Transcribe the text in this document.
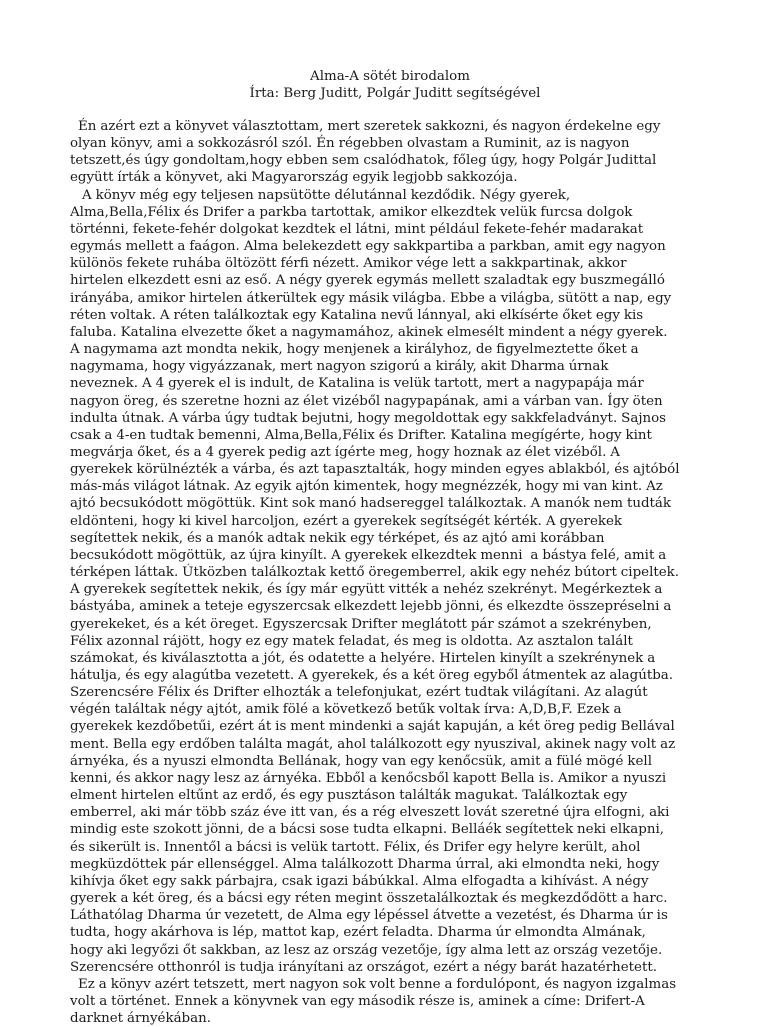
Alma-A sötét birodalom
Írta: Berg Juditt, Polgár Juditt segítségével

Én azért ezt a könyvet választottam, mert szeretek sakkozni, és nagyon érdekelne egy olyan könyv, ami a sokkozásról szól. Én régebben olvastam a Ruminit, az is nagyon tetszett,és úgy gondoltam,hogy ebben sem csalódhatok, főleg úgy, hogy Polgár Judittal együtt írták a könyvet, aki Magyarország egyik legjobb sakkozója.

A könyv még egy teljesen napsütötte délutánnal kezdődik. Négy gyerek, Alma,Bella,Félix és Drifer a parkba tartottak, amikor elkezdtek velük furcsa dolgok történni, fekete-fehér dolgokat kezdtek el látni, mint például fekete-fehér madarakat egymás mellett a faágon. Alma belekezdett egy sakkpartiba a parkban, amit egy nagyon különös fekete ruhába öltözött férfi nézett. Amikor vége lett a sakkpartinak, akkor hirtelen elkezdett esni az eső. A négy gyerek egymás mellett szaladtak egy buszmegálló irányába, amikor hirtelen átkerültek egy másik világba. Ebbe a világba, sütött a nap, egy réten voltak. A réten találkoztak egy Katalina nevű lánnyal, aki elkísérte őket egy kis faluba. Katalina elvezette őket a nagymamához, akinek elmesélt mindent a négy gyerek. A nagymama azt mondta nekik, hogy menjenek a királyhoz, de figyelmeztette őket a nagymama, hogy vigyázzanak, mert nagyon szigorú a király, akit Dharma úrnak neveznek. A 4 gyerek el is indult, de Katalina is velük tartott, mert a nagypapája már nagyon öreg, és szeretne hozni az élet vizéből nagypapának, ami a várban van. Így öten indulta útnak. A várba úgy tudtak bejutni, hogy megoldottak egy sakkfeladványt. Sajnos csak a 4-en tudtak bemenni, Alma,Bella,Félix és Drifter. Katalina megígérte, hogy kint megvárja őket, és a 4 gyerek pedig azt ígérte meg, hogy hoznak az élet vizéből. A gyerekek körülnézték a várba, és azt tapasztalták, hogy minden egyes ablakból, és ajtóból más-más világot látnak. Az egyik ajtón kimentek, hogy megnézzék, hogy mi van kint. Az ajtó becsukódott mögöttük. Kint sok manó hadsereggel találkoztak. A manók nem tudták eldönteni, hogy ki kivel harcoljon, ezért a gyerekek segítségét kérték. A gyerekek segítettek nekik, és a manók adtak nekik egy térképet, és az ajtó ami korábban becsukódott mögöttük, az újra kinyílt. A gyerekek elkezdtek menni  a bástya felé, amit a térképen láttak. Útközben találkoztak kettő öregemberrel, akik egy nehéz bútort cipeltek. A gyerekek segítettek nekik, és így már együtt vitték a nehéz szekrényt. Megérkeztek a bástyába, aminek a teteje egyszercsak elkezdett lejebb jönni, és elkezdte összepréselni a gyerekeket, és a két öreget. Egyszercsak Drifter meglátott pár számot a szekrényben, Félix azonnal rájött, hogy ez egy matek feladat, és meg is oldotta. Az asztalon talált számokat, és kiválasztotta a jót, és odatette a helyére. Hirtelen kinyílt a szekrénynek a hátulja, és egy alagútba vezetett. A gyerekek, és a két öreg egyből átmentek az alagútba. Szerencsére Félix és Drifter elhozták a telefonjukat, ezért tudtak világítani. Az alagút végén találtak négy ajtót, amik fölé a következő betűk voltak írva: A,D,B,F. Ezek a gyerekek kezdőbetűi, ezért át is ment mindenki a saját kapuján, a két öreg pedig Bellával ment. Bella egy erdőben találta magát, ahol találkozott egy nyuszival, akinek nagy volt az árnyéka, és a nyuszi elmondta Bellának, hogy van egy kenőcsük, amit a fülé mögé kell kenni, és akkor nagy lesz az árnyéka. Ebből a kenőcsből kapott Bella is. Amikor a nyuszi elment hirtelen eltűnt az erdő, és egy pusztáson találták magukat. Találkoztak egy emberrel, aki már több száz éve itt van, és a rég elveszett lovát szeretné újra elfogni, aki mindig este szokott jönni, de a bácsi sose tudta elkapni. Belláék segítettek neki elkapni, és sikerült is. Innentől a bácsi is velük tartott. Félix, és Drifer egy helyre került, ahol megküzdöttek pár ellenséggel. Alma találkozott Dharma úrral, aki elmondta neki, hogy kihívja őket egy sakk párbajra, csak igazi bábúkkal. Alma elfogadta a kihívást. A négy gyerek a két öreg, és a bácsi egy réten megint összetalálkoztak és megkezdődött a harc. Láthatólag Dharma úr vezetett, de Alma egy lépéssel átvette a vezetést, és Dharma úr is tudta, hogy akárhova is lép, mattot kap, ezért feladta. Dharma úr elmondta Almának, hogy aki legyőzi őt sakkban, az lesz az ország vezetője, így alma lett az ország vezetője. Szerencsére otthonról is tudja irányítani az országot, ezért a négy barát hazatérhetett.

Ez a könyv azért tetszett, mert nagyon sok volt benne a fordulópont, és nagyon izgalmas volt a történet. Ennek a könyvnek van egy második része is, aminek a címe: Drifert-A darknet árnyékában.
